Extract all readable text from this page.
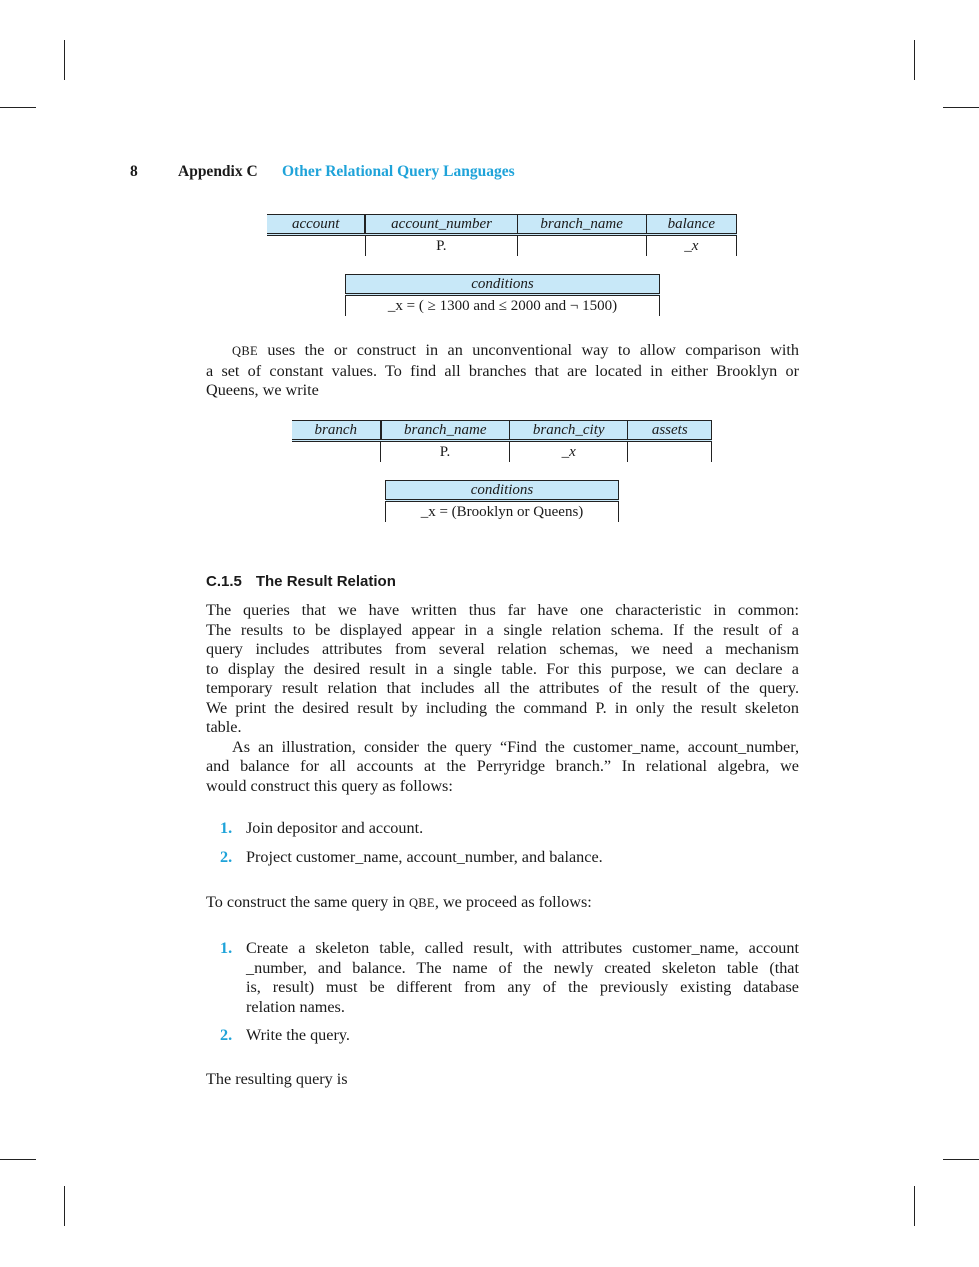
8	Appendix C Other Relational Query Languages
account	account_number	branch_name	balance
	P.		_x
conditions
_x = ( ≥ 1300 and ≤ 2000 and ¬ 1500)
QBE uses the or construct in an unconventional way to allow comparison with
a set of constant values. To find all branches that are located in either Brooklyn or
Queens, we write
branch	branch_name	branch_city	assets
	P.	_x	
conditions
_x = (Brooklyn or Queens)
C.1.5 The Result Relation
The queries that we have written thus far have one characteristic in common:
The results to be displayed appear in a single relation schema. If the result of a
query includes attributes from several relation schemas, we need a mechanism
to display the desired result in a single table. For this purpose, we can declare a
temporary result relation that includes all the attributes of the result of the query.
We print the desired result by including the command P. in only the result skeleton
table.
As an illustration, consider the query “Find the customer_name, account_number,
and balance for all accounts at the Perryridge branch.” In relational algebra, we
would construct this query as follows:
1. Join depositor and account.
2. Project customer_name, account_number, and balance.
To construct the same query in QBE, we proceed as follows:
1. Create a skeleton table, called result, with attributes customer_name, account
_number, and balance. The name of the newly created skeleton table (that
is, result) must be different from any of the previously existing database
relation names.
2. Write the query.
The resulting query is
